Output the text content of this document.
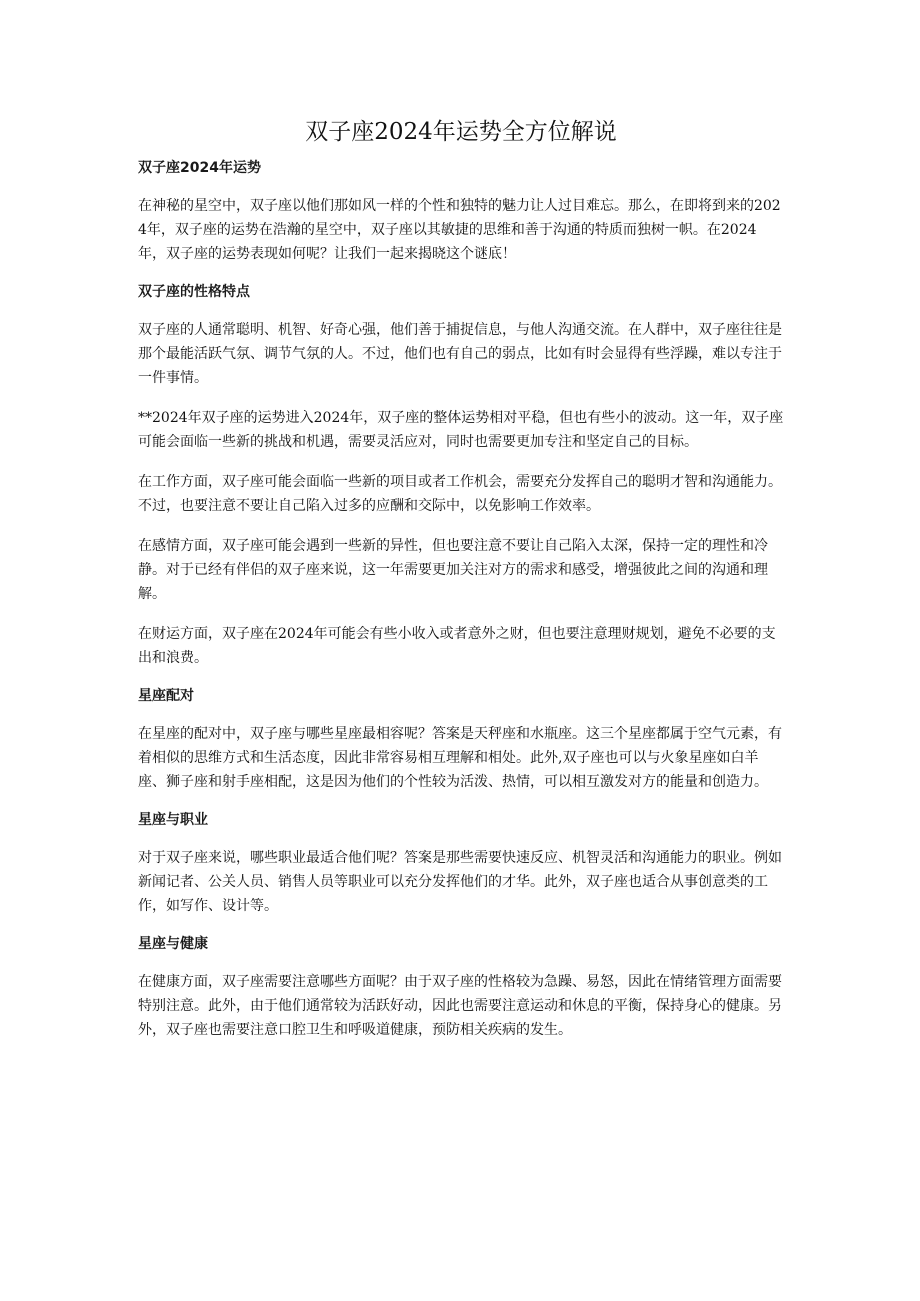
双子座2024年运势全方位解说
双子座2024年运势

在神秘的星空中，双子座以他们那如风一样的个性和独特的魅力让人过目难忘。那么，在即将到来的2024年，双子座的运势在浩瀚的星空中，双子座以其敏捷的思维和善于沟通的特质而独树一帜。在2024年，双子座的运势表现如何呢？让我们一起来揭晓这个谜底！

双子座的性格特点

双子座的人通常聪明、机智、好奇心强，他们善于捕捉信息，与他人沟通交流。在人群中，双子座往往是那个最能活跃气氛、调节气氛的人。不过，他们也有自己的弱点，比如有时会显得有些浮躁，难以专注于一件事情。

**2024年双子座的运势进入2024年，双子座的整体运势相对平稳，但也有些小的波动。这一年，双子座可能会面临一些新的挑战和机遇，需要灵活应对，同时也需要更加专注和坚定自己的目标。

在工作方面，双子座可能会面临一些新的项目或者工作机会，需要充分发挥自己的聪明才智和沟通能力。不过，也要注意不要让自己陷入过多的应酬和交际中，以免影响工作效率。

在感情方面，双子座可能会遇到一些新的异性，但也要注意不要让自己陷入太深，保持一定的理性和冷静。对于已经有伴侣的双子座来说，这一年需要更加关注对方的需求和感受，增强彼此之间的沟通和理解。

在财运方面，双子座在2024年可能会有些小收入或者意外之财，但也要注意理财规划，避免不必要的支出和浪费。

星座配对

在星座的配对中，双子座与哪些星座最相容呢？答案是天秤座和水瓶座。这三个星座都属于空气元素，有着相似的思维方式和生活态度，因此非常容易相互理解和相处。此外,双子座也可以与火象星座如白羊座、狮子座和射手座相配，这是因为他们的个性较为活泼、热情，可以相互激发对方的能量和创造力。

星座与职业

对于双子座来说，哪些职业最适合他们呢？答案是那些需要快速反应、机智灵活和沟通能力的职业。例如新闻记者、公关人员、销售人员等职业可以充分发挥他们的才华。此外，双子座也适合从事创意类的工作，如写作、设计等。

星座与健康

在健康方面，双子座需要注意哪些方面呢？由于双子座的性格较为急躁、易怒，因此在情绪管理方面需要特别注意。此外，由于他们通常较为活跃好动，因此也需要注意运动和休息的平衡，保持身心的健康。另外，双子座也需要注意口腔卫生和呼吸道健康，预防相关疾病的发生。
